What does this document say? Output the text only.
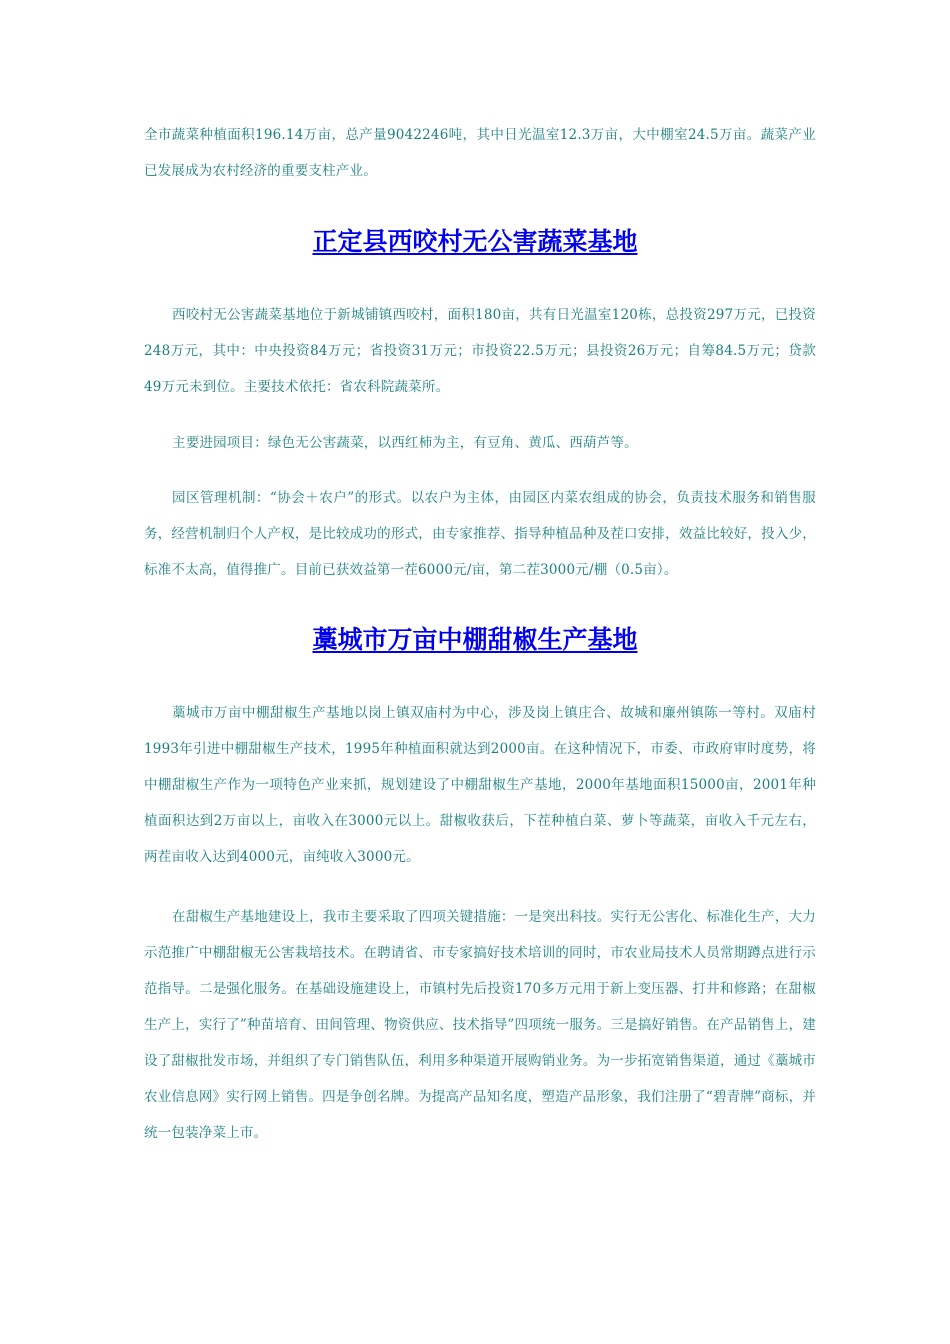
全市蔬菜种植面积196.14万亩，总产量9042246吨，其中日光温室12.3万亩，大中棚室24.5万亩。蔬菜产业已发展成为农村经济的重要支柱产业。

正定县西咬村无公害蔬菜基地

西咬村无公害蔬菜基地位于新城铺镇西咬村，面积180亩，共有日光温室120栋，总投资297万元，已投资248万元，其中：中央投资84万元；省投资31万元；市投资22.5万元；县投资26万元；自筹84.5万元；贷款49万元未到位。主要技术依托：省农科院蔬菜所。

主要进园项目：绿色无公害蔬菜，以西红柿为主，有豆角、黄瓜、西葫芦等。

园区管理机制：“协会＋农户”的形式。以农户为主体，由园区内菜农组成的协会，负责技术服务和销售服务，经营机制归个人产权，是比较成功的形式，由专家推荐、指导种植品种及茬口安排，效益比较好，投入少，标准不太高，值得推广。目前已获效益第一茬6000元/亩，第二茬3000元/棚（0.5亩）。

藁城市万亩中棚甜椒生产基地

藁城市万亩中棚甜椒生产基地以岗上镇双庙村为中心，涉及岗上镇庄合、故城和廉州镇陈一等村。双庙村1993年引进中棚甜椒生产技术，1995年种植面积就达到2000亩。在这种情况下，市委、市政府审时度势，将中棚甜椒生产作为一项特色产业来抓，规划建设了中棚甜椒生产基地，2000年基地面积15000亩，2001年种植面积达到2万亩以上，亩收入在3000元以上。甜椒收获后，下茬种植白菜、萝卜等蔬菜，亩收入千元左右，两茬亩收入达到4000元，亩纯收入3000元。

在甜椒生产基地建设上，我市主要采取了四项关键措施：一是突出科技。实行无公害化、标准化生产，大力示范推广中棚甜椒无公害栽培技术。在聘请省、市专家搞好技术培训的同时，市农业局技术人员常期蹲点进行示范指导。二是强化服务。在基础设施建设上，市镇村先后投资170多万元用于新上变压器、打井和修路；在甜椒生产上，实行了”种苗培育、田间管理、物资供应、技术指导”四项统一服务。三是搞好销售。在产品销售上，建设了甜椒批发市场，并组织了专门销售队伍，利用多种渠道开展购销业务。为一步拓宽销售渠道，通过《藁城市农业信息网》实行网上销售。四是争创名牌。为提高产品知名度，塑造产品形象，我们注册了“碧青牌”商标，并统一包装净菜上市。
